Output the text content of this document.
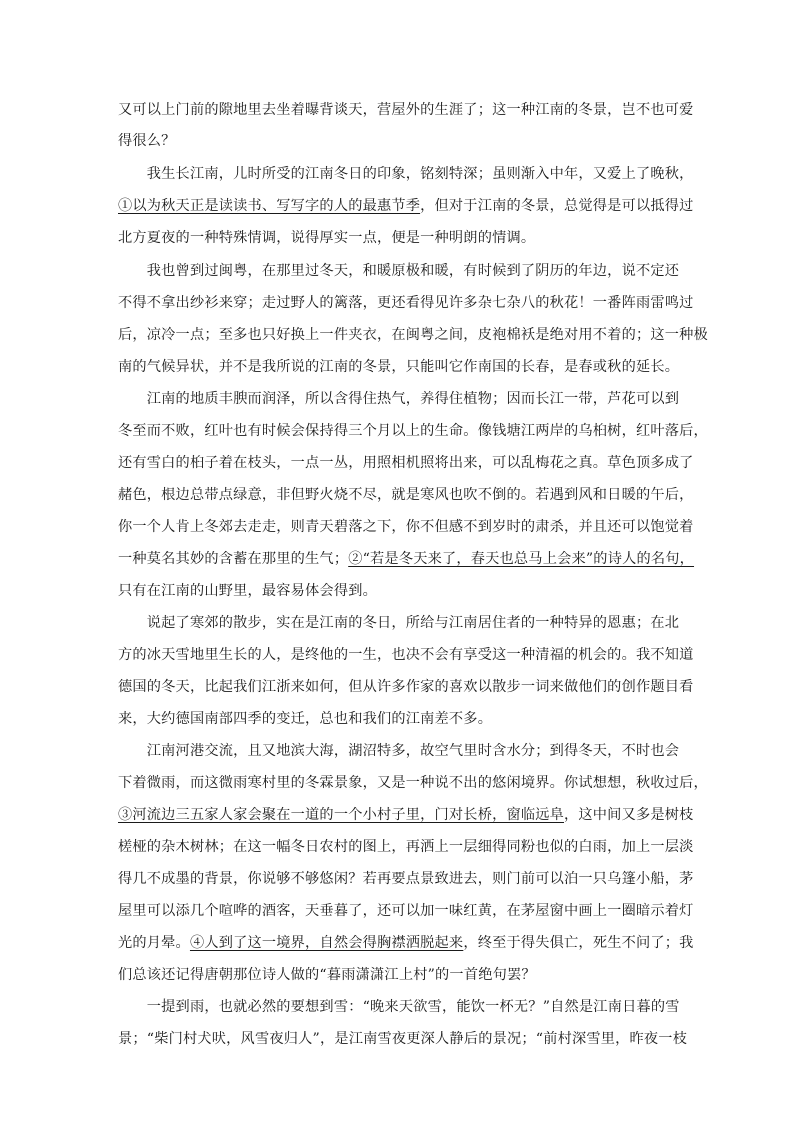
又可以上门前的隙地里去坐着曝背谈天，营屋外的生涯了；这一种江南的冬景，岂不也可爱
得很么？
　　我生长江南，儿时所受的江南冬日的印象，铭刻特深；虽则渐入中年，又爱上了晚秋，
①以为秋天正是读读书、写写字的人的最惠节季，但对于江南的冬景，总觉得是可以抵得过
北方夏夜的一种特殊情调，说得厚实一点，便是一种明朗的情调。
　　我也曾到过闽粤，在那里过冬天，和暖原极和暖，有时候到了阴历的年边，说不定还
不得不拿出纱衫来穿；走过野人的篱落，更还看得见许多杂七杂八的秋花！一番阵雨雷鸣过
后，凉冷一点；至多也只好换上一件夹衣，在闽粤之间，皮袍棉袄是绝对用不着的；这一种极
南的气候异状，并不是我所说的江南的冬景，只能叫它作南国的长春，是春或秋的延长。
　　江南的地质丰腴而润泽，所以含得住热气，养得住植物；因而长江一带，芦花可以到
冬至而不败，红叶也有时候会保持得三个月以上的生命。像钱塘江两岸的乌桕树，红叶落后，
还有雪白的桕子着在枝头，一点一丛，用照相机照将出来，可以乱梅花之真。草色顶多成了
赭色，根边总带点绿意，非但野火烧不尽，就是寒风也吹不倒的。若遇到风和日暖的午后，
你一个人肯上冬郊去走走，则青天碧落之下，你不但感不到岁时的肃杀，并且还可以饱觉着
一种莫名其妙的含蓄在那里的生气；②“若是冬天来了，春天也总马上会来”的诗人的名句，
只有在江南的山野里，最容易体会得到。
　　说起了寒郊的散步，实在是江南的冬日，所给与江南居住者的一种特异的恩惠；在北
方的冰天雪地里生长的人，是终他的一生，也决不会有享受这一种清福的机会的。我不知道
德国的冬天，比起我们江浙来如何，但从许多作家的喜欢以散步一词来做他们的创作题目看
来，大约德国南部四季的变迁，总也和我们的江南差不多。
　　江南河港交流，且又地滨大海，湖沼特多，故空气里时含水分；到得冬天，不时也会
下着微雨，而这微雨寒村里的冬霖景象，又是一种说不出的悠闲境界。你试想想，秋收过后，
③河流边三五家人家会聚在一道的一个小村子里，门对长桥，窗临远阜，这中间又多是树枝
槎桠的杂木树林；在这一幅冬日农村的图上，再洒上一层细得同粉也似的白雨，加上一层淡
得几不成墨的背景，你说够不够悠闲？若再要点景致进去，则门前可以泊一只乌篷小船，茅
屋里可以添几个喧哗的酒客，天垂暮了，还可以加一味红黄，在茅屋窗中画上一圈暗示着灯
光的月晕。④人到了这一境界，自然会得胸襟洒脱起来，终至于得失俱亡，死生不问了；我
们总该还记得唐朝那位诗人做的“暮雨潇潇江上村”的一首绝句罢？
　　一提到雨，也就必然的要想到雪：“晚来天欲雪，能饮一杯无？”自然是江南日暮的雪
景；“柴门村犬吠，风雪夜归人”，是江南雪夜更深人静后的景况；“前村深雪里，昨夜一枝
